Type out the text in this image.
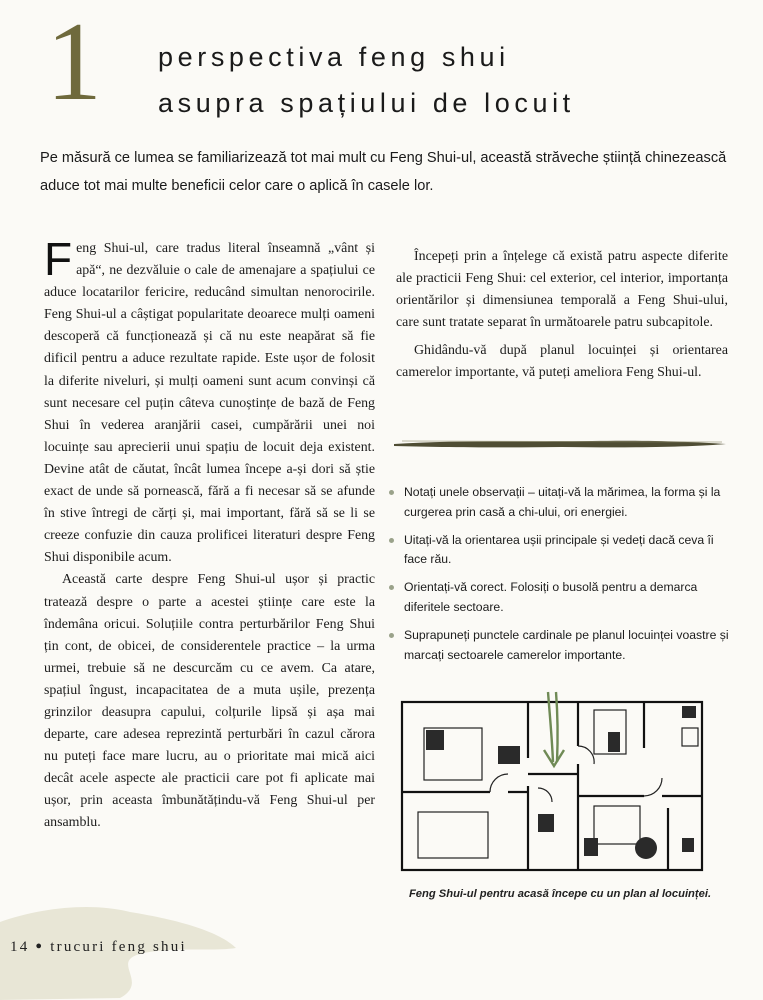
1 perspectiva feng shui
asupra spațiului de locuit
Pe măsură ce lumea se familiarizează tot mai mult cu Feng Shui-ul, această străveche știință chinezească aduce tot mai multe beneficii celor care o aplică în casele lor.

Feng Shui-ul, care tradus literal înseamnă „vânt și apă“, ne dezvăluie o cale de amenajare a spațiului ce aduce locatarilor fericire, reducând simultan nenorocirile. Feng Shui-ul a câștigat popularitate deoarece mulți oameni descoperă că funcționează și că nu este neapărat să fie dificil pentru a aduce rezultate rapide. Este ușor de folosit la diferite niveluri, și mulți oameni sunt acum convinși că sunt necesare cel puțin câteva cunoștințe de bază de Feng Shui în vederea aranjării casei, cumpărării unei noi locuințe sau aprecierii unui spațiu de locuit deja existent. Devine atât de căutat, încât lumea începe a-și dori să știe exact de unde să pornească, fără a fi necesar să se afunde în stive întregi de cărți și, mai important, fără să se li se creeze confuzie din cauza prolificei literaturi despre Feng Shui disponibile acum.

Această carte despre Feng Shui-ul ușor și practic tratează despre o parte a acestei științe care este la îndemâna oricui. Soluțiile contra perturbărilor Feng Shui țin cont, de obicei, de considerentele practice – la urma urmei, trebuie să ne descurcăm cu ce avem. Ca atare, spațiul îngust, incapacitatea de a muta ușile, prezența grinzilor deasupra capului, colțurile lipsă și așa mai departe, care adesea reprezintă perturbări în cazul cărora nu puteți face mare lucru, au o prioritate mai mică aici decât acele aspecte ale practicii care pot fi aplicate mai ușor, prin aceasta îmbunătățindu-vă Feng Shui-ul per ansamblu.

Începeți prin a înțelege că există patru aspecte diferite ale practicii Feng Shui: cel exterior, cel interior, importanța orientărilor și dimensiunea temporală a Feng Shui-ului, care sunt tratate separat în următoarele patru subcapitole.

Ghidându-vă după planul locuinței și orientarea camerelor importante, vă puteți ameliora Feng Shui-ul.

Notați unele observații – uitați-vă la mărimea, la forma și la curgerea prin casă a chi-ului, ori energiei.
Uitați-vă la orientarea ușii principale și vedeți dacă ceva îi face rău.
Orientați-vă corect. Folosiți o busolă pentru a demarca diferitele sectoare.
Suprapuneți punctele cardinale pe planul locuinței voastre și marcați sectoarele camerelor importante.
Feng Shui-ul pentru acasă începe cu un plan al locuinței.
14 ● trucuri feng shui
